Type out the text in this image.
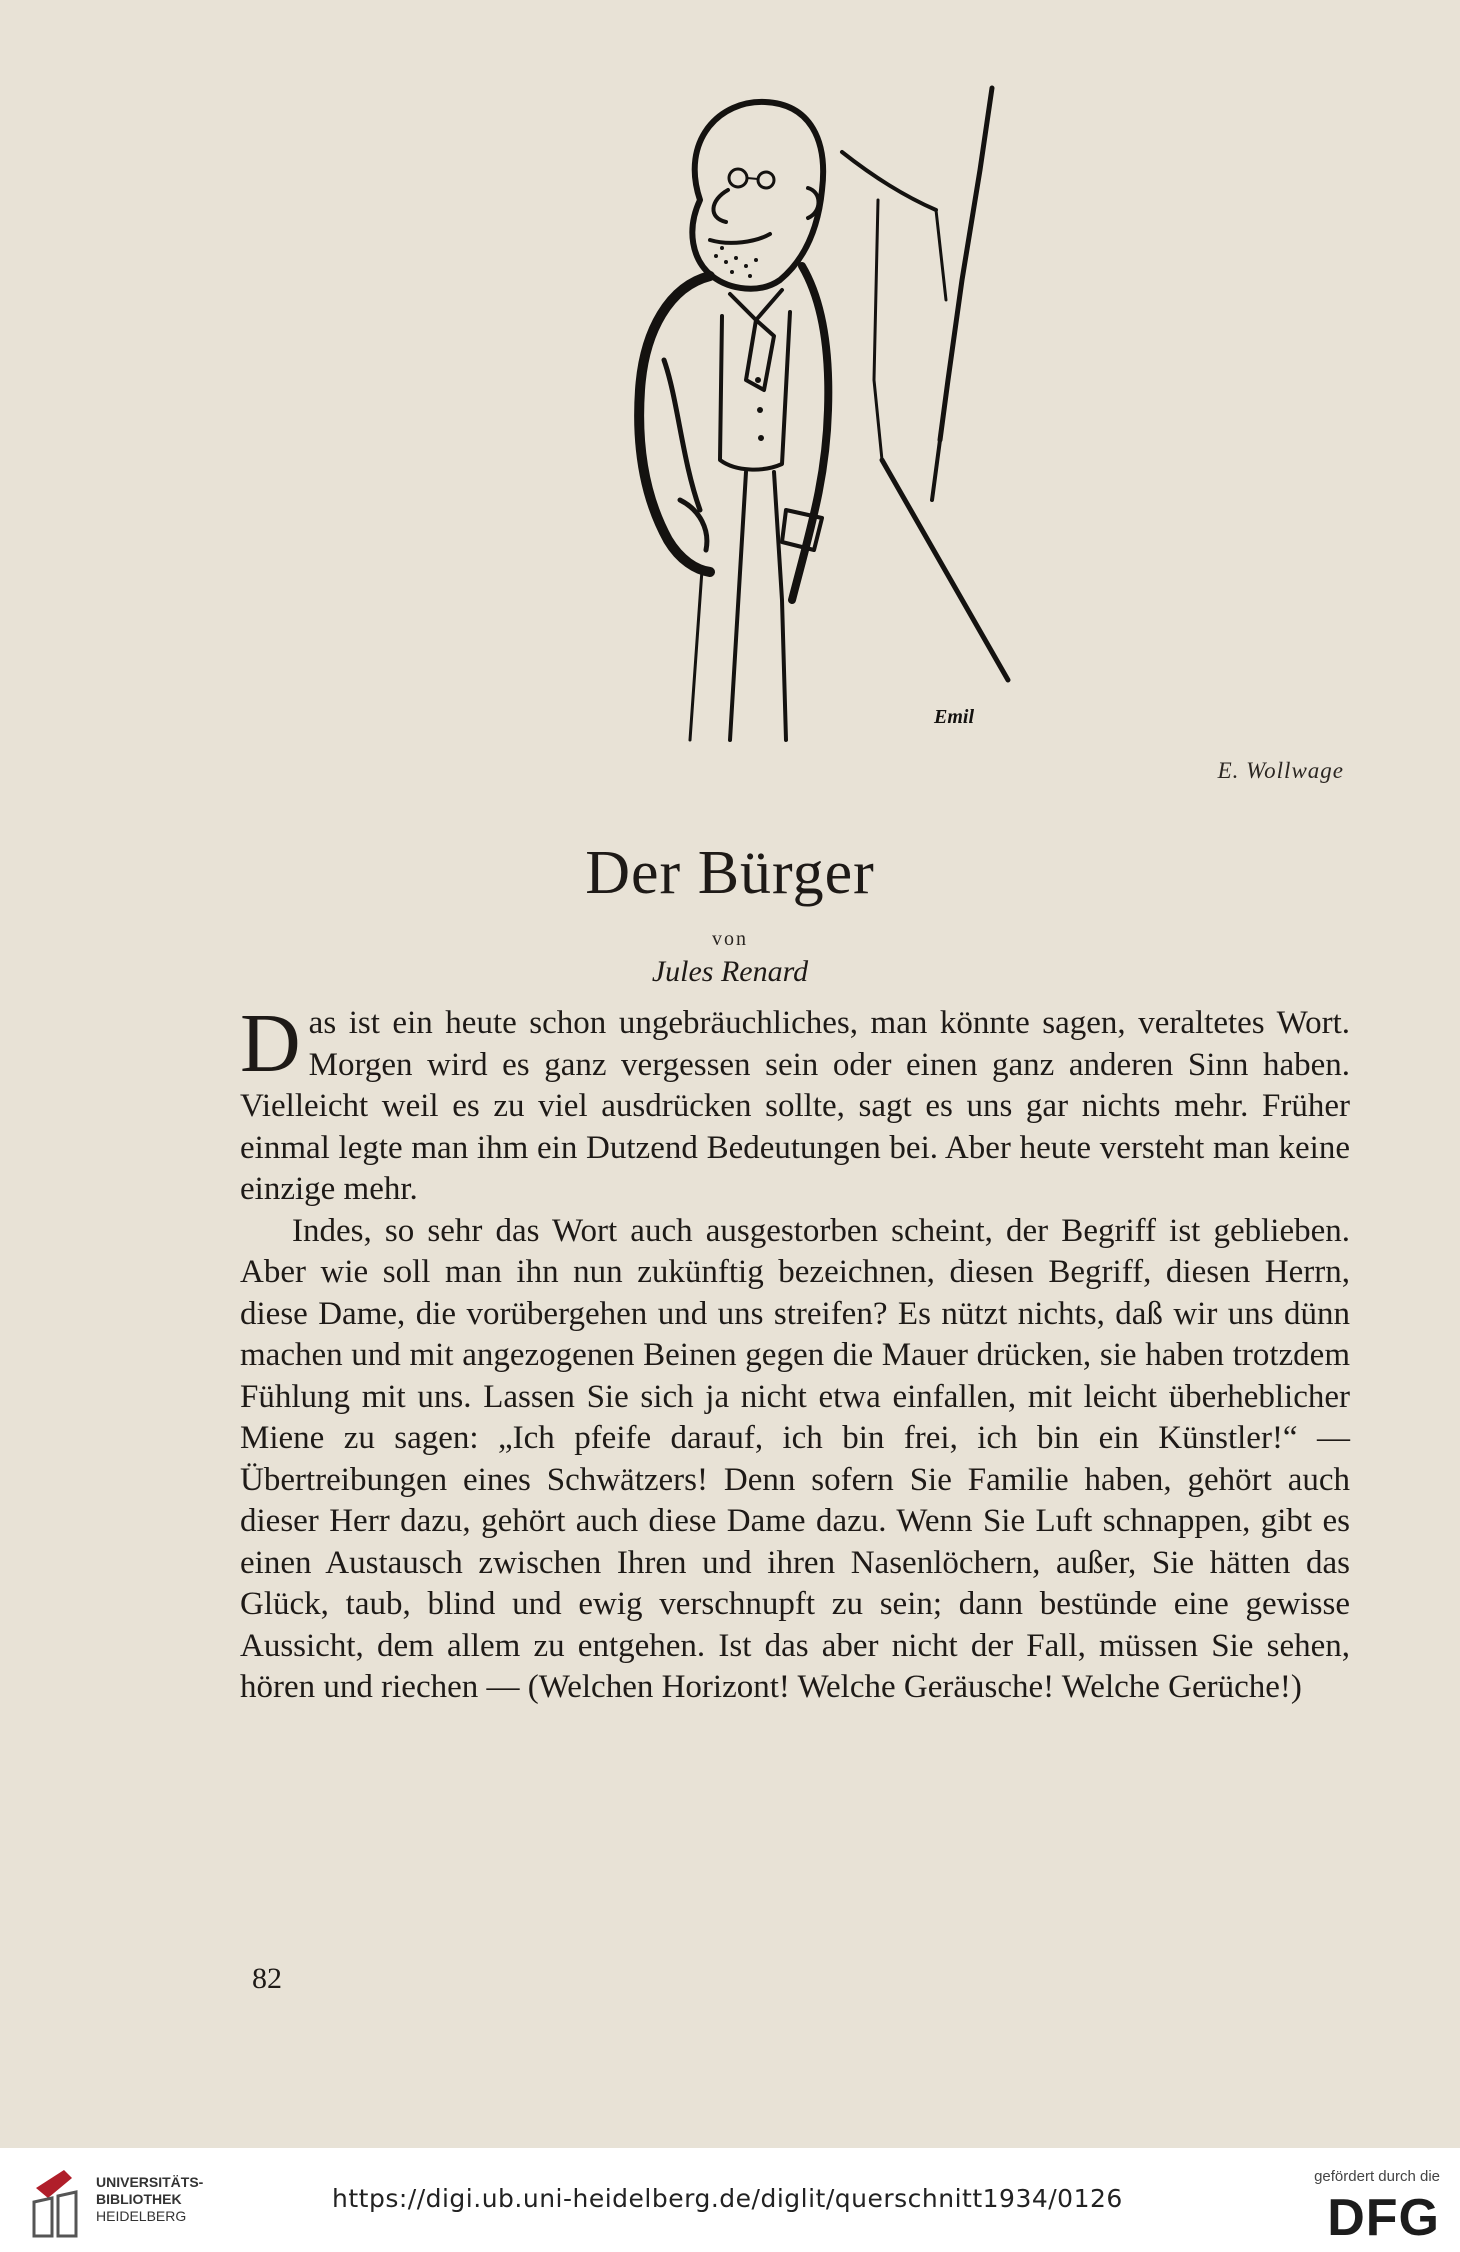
Emil
E. Wollwage
Der Bürger
von
Jules Renard

Das ist ein heute schon ungebräuchliches, man könnte sagen, veraltetes Wort. Morgen wird es ganz vergessen sein oder einen ganz anderen Sinn haben. Vielleicht weil es zu viel ausdrücken sollte, sagt es uns gar nichts mehr. Früher einmal legte man ihm ein Dutzend Bedeutungen bei. Aber heute versteht man keine einzige mehr.

Indes, so sehr das Wort auch ausgestorben scheint, der Begriff ist geblieben. Aber wie soll man ihn nun zukünftig bezeichnen, diesen Begriff, diesen Herrn, diese Dame, die vorübergehen und uns streifen? Es nützt nichts, daß wir uns dünn machen und mit angezogenen Beinen gegen die Mauer drücken, sie haben trotzdem Fühlung mit uns. Lassen Sie sich ja nicht etwa einfallen, mit leicht überheblicher Miene zu sagen: „Ich pfeife darauf, ich bin frei, ich bin ein Künstler!“ — Übertreibungen eines Schwätzers! Denn sofern Sie Familie haben, gehört auch dieser Herr dazu, gehört auch diese Dame dazu. Wenn Sie Luft schnappen, gibt es einen Austausch zwischen Ihren und ihren Nasenlöchern, außer, Sie hätten das Glück, taub, blind und ewig verschnupft zu sein; dann bestünde eine gewisse Aussicht, dem allem zu entgehen. Ist das aber nicht der Fall, müssen Sie sehen, hören und riechen — (Welchen Horizont! Welche Geräusche! Welche Gerüche!)

82
UNIVERSITÄTS-
BIBLIOTHEK
HEIDELBERG
https://digi.ub.uni-heidelberg.de/diglit/querschnitt1934/0126
gefördert durch die
DFG
